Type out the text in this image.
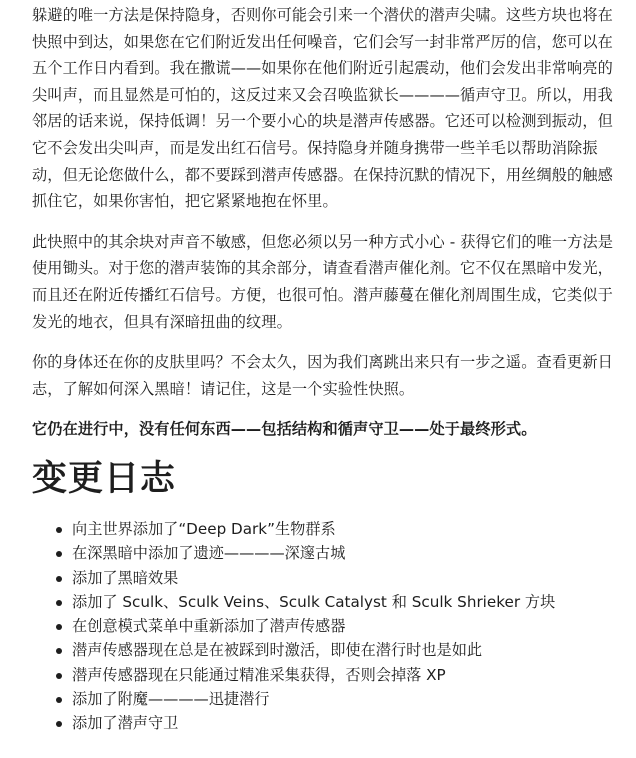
躲避的唯一方法是保持隐身，否则你可能会引来一个潜伏的潜声尖啸。这些方块也将在快照中到达，如果您在它们附近发出任何噪音，它们会写一封非常严厉的信，您可以在五个工作日内看到。我在撒谎——如果你在他们附近引起震动，他们会发出非常响亮的尖叫声，而且显然是可怕的，这反过来又会召唤监狱长————循声守卫。所以，用我邻居的话来说，保持低调！另一个要小心的块是潜声传感器。它还可以检测到振动，但它不会发出尖叫声，而是发出红石信号。保持隐身并随身携带一些羊毛以帮助消除振动，但无论您做什么，都不要踩到潜声传感器。在保持沉默的情况下，用丝绸般的触感抓住它，如果你害怕，把它紧紧地抱在怀里。

此快照中的其余块对声音不敏感，但您必须以另一种方式小心 - 获得它们的唯一方法是使用锄头。对于您的潜声装饰的其余部分，请查看潜声催化剂。它不仅在黑暗中发光，而且还在附近传播红石信号。方便，也很可怕。潜声藤蔓在催化剂周围生成，它类似于发光的地衣，但具有深暗扭曲的纹理。

你的身体还在你的皮肤里吗？不会太久，因为我们离跳出来只有一步之遥。查看更新日志，了解如何深入黑暗！请记住，这是一个实验性快照。

它仍在进行中，没有任何东西——包括结构和循声守卫——处于最终形式。

变更日志
向主世界添加了“Deep Dark”生物群系
在深黑暗中添加了遗迹————深邃古城
添加了黑暗效果
添加了 Sculk、Sculk Veins、Sculk Catalyst 和 Sculk Shrieker 方块
在创意模式菜单中重新添加了潜声传感器
潜声传感器现在总是在被踩到时激活，即使在潜行时也是如此
潜声传感器现在只能通过精准采集获得，否则会掉落 XP
添加了附魔————迅捷潜行
添加了潜声守卫
